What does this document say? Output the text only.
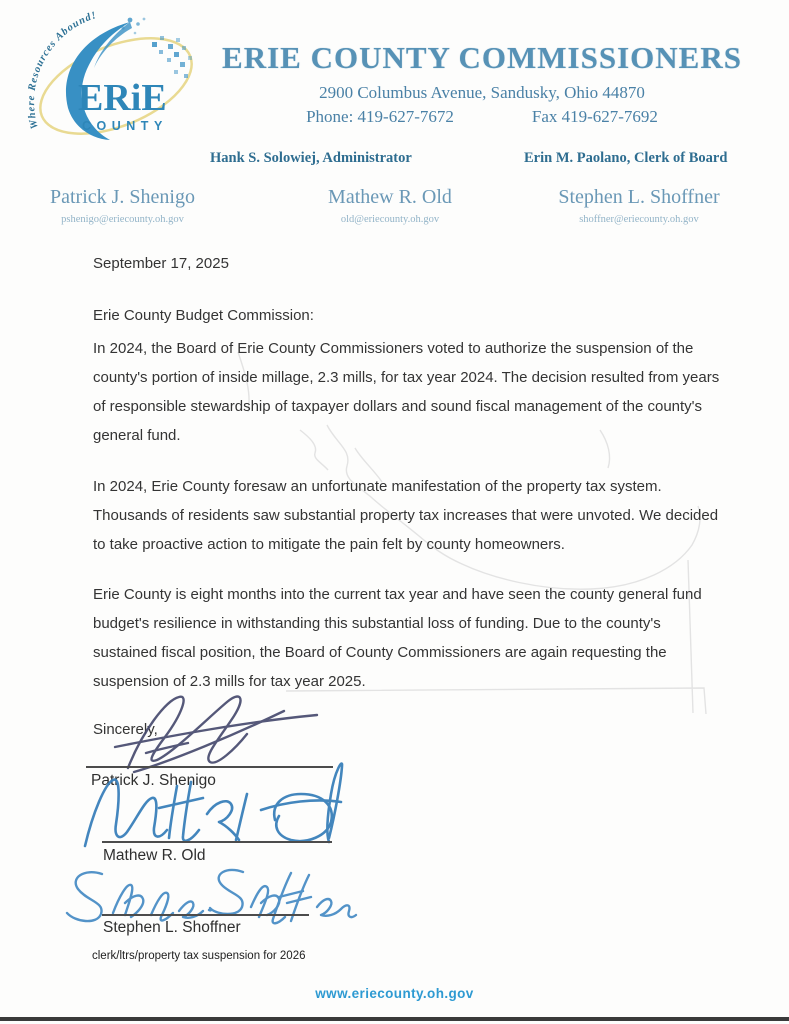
Where Resources Abound!
ERiE
COUNTY
ERIE COUNTY COMMISSIONERS
2900 Columbus Avenue, Sandusky, Ohio 44870
Phone: 419-627-7672	Fax 419-627-7692
Hank S. Solowiej, Administrator	Erin M. Paolano, Clerk of Board
Patrick J. Shenigo
pshenigo@eriecounty.oh.gov
Mathew R. Old
old@eriecounty.oh.gov
Stephen L. Shoffner
shoffner@eriecounty.oh.gov
September 17, 2025
Erie County Budget Commission:
In 2024, the Board of Erie County Commissioners voted to authorize the suspension of the county's portion of inside millage, 2.3 mills, for tax year 2024. The decision resulted from years of responsible stewardship of taxpayer dollars and sound fiscal management of the county's general fund.
In 2024, Erie County foresaw an unfortunate manifestation of the property tax system. Thousands of residents saw substantial property tax increases that were unvoted. We decided to take proactive action to mitigate the pain felt by county homeowners.
Erie County is eight months into the current tax year and have seen the county general fund budget's resilience in withstanding this substantial loss of funding. Due to the county's sustained fiscal position, the Board of County Commissioners are again requesting the suspension of 2.3 mills for tax year 2025.
Sincerely,
Patrick J. Shenigo
Mathew R. Old
Stephen L. Shoffner
clerk/ltrs/property tax suspension for 2026
www.eriecounty.oh.gov
